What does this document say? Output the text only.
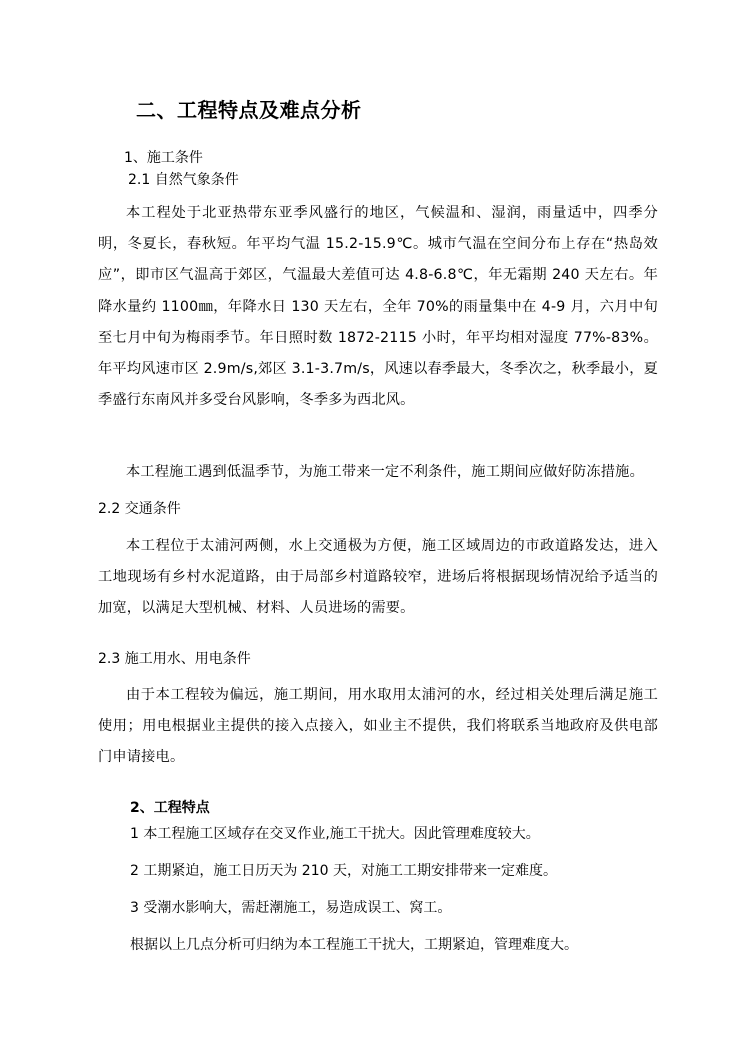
二、工程特点及难点分析
1、施工条件
2.1 自然气象条件
本工程处于北亚热带东亚季风盛行的地区，气候温和、湿润，雨量适中，四季分明，冬夏长，春秋短。年平均气温 15.2-15.9℃。城市气温在空间分布上存在“热岛效应”，即市区气温高于郊区，气温最大差值可达 4.8-6.8℃，年无霜期 240 天左右。年降水量约 1100㎜，年降水日 130 天左右，全年 70%的雨量集中在 4-9 月，六月中旬至七月中旬为梅雨季节。年日照时数 1872-2115 小时，年平均相对湿度 77%-83%。年平均风速市区 2.9m/s,郊区 3.1-3.7m/s，风速以春季最大，冬季次之，秋季最小，夏季盛行东南风并多受台风影响，冬季多为西北风。
本工程施工遇到低温季节，为施工带来一定不利条件，施工期间应做好防冻措施。
2.2 交通条件
本工程位于太浦河两侧，水上交通极为方便，施工区域周边的市政道路发达，进入工地现场有乡村水泥道路，由于局部乡村道路较窄，进场后将根据现场情况给予适当的加宽，以满足大型机械、材料、人员进场的需要。
2.3 施工用水、用电条件
由于本工程较为偏远，施工期间，用水取用太浦河的水，经过相关处理后满足施工使用；用电根据业主提供的接入点接入，如业主不提供，我们将联系当地政府及供电部门申请接电。
2、工程特点
1 本工程施工区域存在交叉作业,施工干扰大。因此管理难度较大。
2 工期紧迫，施工日历天为 210 天，对施工工期安排带来一定难度。
3 受潮水影响大，需赶潮施工，易造成误工、窝工。
根据以上几点分析可归纳为本工程施工干扰大，工期紧迫，管理难度大。
